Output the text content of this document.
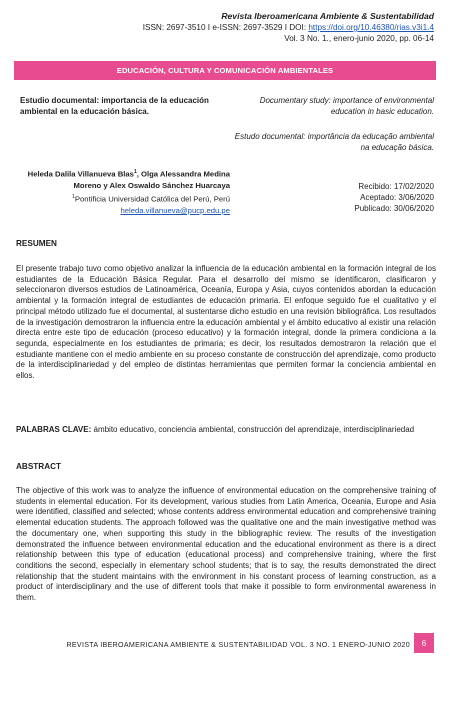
Revista Iberoamericana Ambiente & Sustentabilidad
ISSN: 2697-3510 I e-ISSN: 2697-3529 I DOI: https://doi.org/10.46380/rias.v3i1.4
Vol. 3 No. 1., enero-junio 2020, pp. 06-14
EDUCACIÓN, CULTURA Y COMUNICACIÓN AMBIENTALES
Estudio documental: importancia de la educación ambiental en la educación básica.
Documentary study: importance of environmental education in basic education.
Estudo documental: importância da educação ambiental na educação básica.
Heleda Dalila Villanueva Blas$^1$, Olga Alessandra Medina Moreno y Alex Oswaldo Sánchez Huarcaya
$^1$Pontificia Universidad Católica del Perú, Perú
heleda.villanueva@pucp.edu.pe
Recibido: 17/02/2020
Aceptado: 3/06/2020
Publicado: 30/06/2020
RESUMEN
El presente trabajo tuvo como objetivo analizar la influencia de la educación ambiental en la formación integral de los estudiantes de la Educación Básica Regular. Para el desarrollo del mismo se identificaron, clasificaron y seleccionaron diversos estudios de Latinoamérica, Oceanía, Europa y Asia, cuyos contenidos abordan la educación ambiental y la formación integral de estudiantes de educación primaria. El enfoque seguido fue el cualitativo y el principal método utilizado fue el documental, al sustentarse dicho estudio en una revisión bibliográfica. Los resultados de la investigación demostraron la influencia entre la educación ambiental y el ámbito educativo al existir una relación directa entre este tipo de educación (proceso educativo) y la formación integral, donde la primera condiciona a la segunda, especialmente en los estudiantes de primaria; es decir, los resultados demostraron la relación que el estudiante mantiene con el medio ambiente en su proceso constante de construcción del aprendizaje, como producto de la interdisciplinariedad y del empleo de distintas herramientas que permiten formar la conciencia ambiental en ellos.
PALABRAS CLAVE: ámbito educativo, conciencia ambiental, construcción del aprendizaje, interdisciplinariedad
ABSTRACT
The objective of this work was to analyze the influence of environmental education on the comprehensive training of students in elemental education. For its development, various studies from Latin America, Oceania, Europe and Asia were identified, classified and selected; whose contents address environmental education and comprehensive training elemental education students. The approach followed was the qualitative one and the main investigative method was the documentary one, when supporting this study in the bibliographic review. The results of the investigation demonstrated the influence between environmental education and the educational environment as there is a direct relationship between this type of education (educational process) and comprehensive training, where the first conditions the second, especially in elementary school students; that is to say, the results demonstrated the direct relationship that the student maintains with the environment in his constant process of learning construction, as a product of interdisciplinary and the use of different tools that make it possible to form environmental awareness in them.
REVISTA IBEROAMERICANA AMBIENTE & SUSTENTABILIDAD VOL. 3 NO. 1 ENERO-JUNIO 2020	6
